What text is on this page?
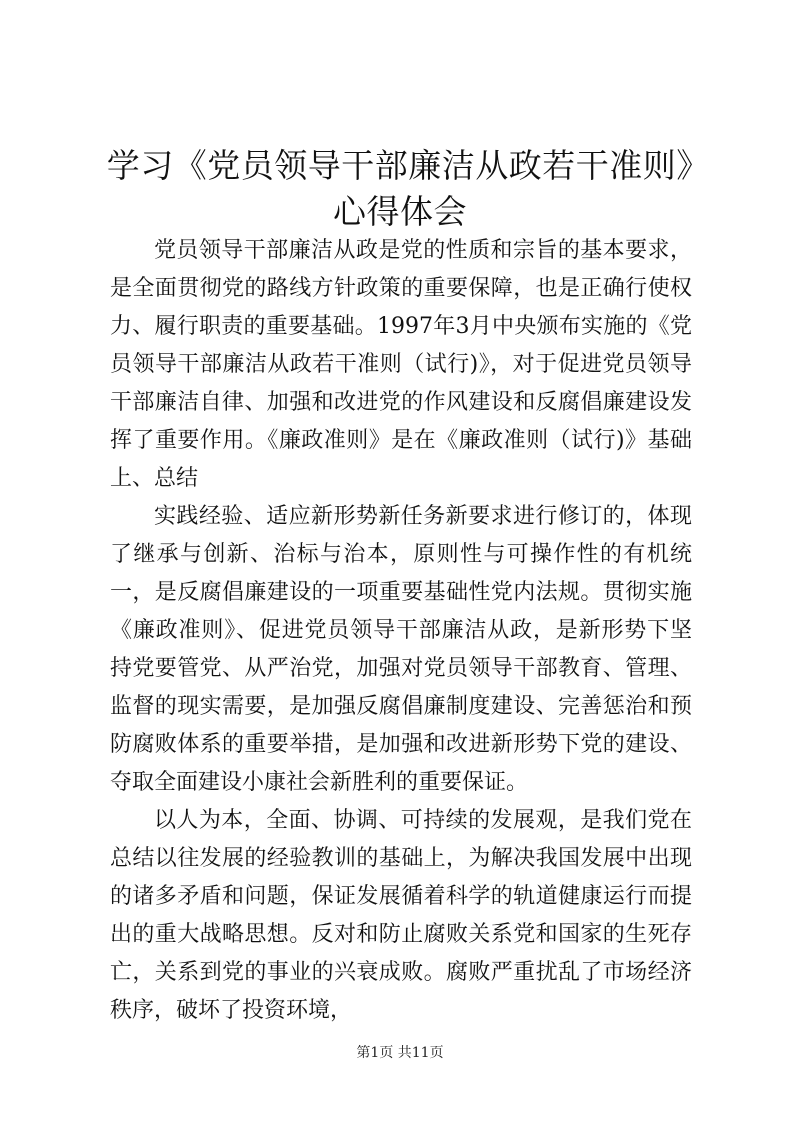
学习《党员领导干部廉洁从政若干准则》心得体会

党员领导干部廉洁从政是党的性质和宗旨的基本要求，是全面贯彻党的路线方针政策的重要保障，也是正确行使权力、履行职责的重要基础。1997年3月中央颁布实施的《党员领导干部廉洁从政若干准则（试行)》，对于促进党员领导干部廉洁自律、加强和改进党的作风建设和反腐倡廉建设发挥了重要作用。《廉政准则》是在《廉政准则（试行)》基础上、总结

实践经验、适应新形势新任务新要求进行修订的，体现了继承与创新、治标与治本，原则性与可操作性的有机统一，是反腐倡廉建设的一项重要基础性党内法规。贯彻实施《廉政准则》、促进党员领导干部廉洁从政，是新形势下坚持党要管党、从严治党，加强对党员领导干部教育、管理、监督的现实需要，是加强反腐倡廉制度建设、完善惩治和预防腐败体系的重要举措，是加强和改进新形势下党的建设、夺取全面建设小康社会新胜利的重要保证。

以人为本，全面、协调、可持续的发展观，是我们党在总结以往发展的经验教训的基础上，为解决我国发展中出现的诸多矛盾和问题，保证发展循着科学的轨道健康运行而提出的重大战略思想。反对和防止腐败关系党和国家的生死存亡，关系到党的事业的兴衰成败。腐败严重扰乱了市场经济秩序，破坏了投资环境，

第1页 共11页
